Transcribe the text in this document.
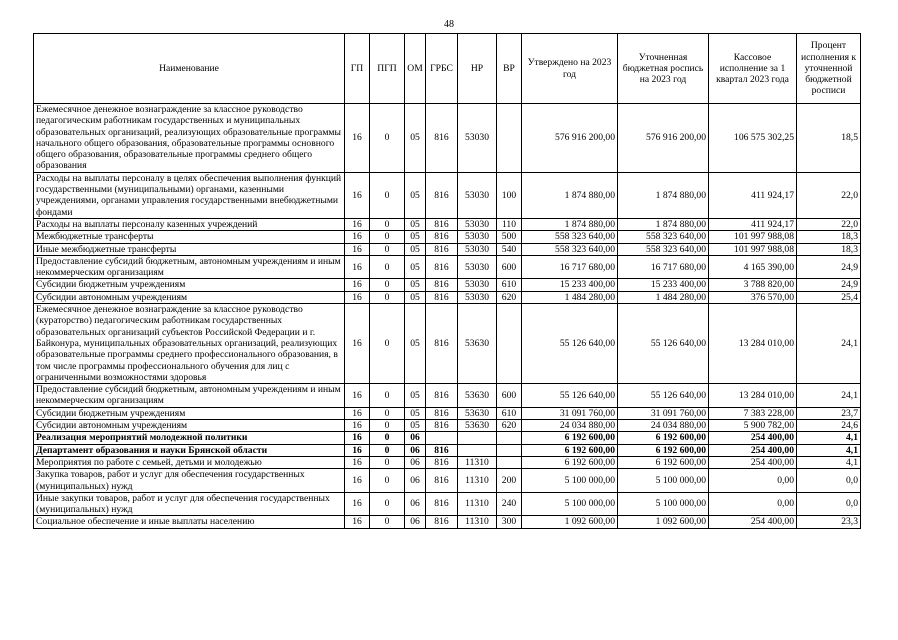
48
Наименование	ГП	ПГП	ОМ	ГРБС	НР	ВР	Утверждено на 2023 год	Уточненная бюджетная роспись на 2023 год	Кассовое исполнение за 1 квартал 2023 года	Процент исполнения к уточненной бюджетной росписи
Ежемесячное денежное вознаграждение за классное руководство педагогическим работникам государственных и муниципальных образовательных организаций, реализующих образовательные программы начального общего образования, образовательные программы основного общего образования, образовательные программы среднего общего образования	16	0	05	816	53030		576 916 200,00	576 916 200,00	106 575 302,25	18,5
Расходы на выплаты персоналу в целях обеспечения выполнения функций государственными (муниципальными) органами, казенными учреждениями, органами управления государственными внебюджетными фондами	16	0	05	816	53030	100	1 874 880,00	1 874 880,00	411 924,17	22,0
Расходы на выплаты персоналу казенных учреждений	16	0	05	816	53030	110	1 874 880,00	1 874 880,00	411 924,17	22,0
Межбюджетные трансферты	16	0	05	816	53030	500	558 323 640,00	558 323 640,00	101 997 988,08	18,3
Иные межбюджетные трансферты	16	0	05	816	53030	540	558 323 640,00	558 323 640,00	101 997 988,08	18,3
Предоставление субсидий бюджетным, автономным учреждениям и иным некоммерческим организациям	16	0	05	816	53030	600	16 717 680,00	16 717 680,00	4 165 390,00	24,9
Субсидии бюджетным учреждениям	16	0	05	816	53030	610	15 233 400,00	15 233 400,00	3 788 820,00	24,9
Субсидии автономным учреждениям	16	0	05	816	53030	620	1 484 280,00	1 484 280,00	376 570,00	25,4
Ежемесячное денежное вознаграждение за классное руководство (кураторство) педагогическим работникам государственных образовательных организаций субъектов Российской Федерации и г. Байконура, муниципальных образовательных организаций, реализующих образовательные программы среднего профессионального образования, в том числе программы профессионального обучения для лиц с ограниченными возможностями здоровья	16	0	05	816	53630		55 126 640,00	55 126 640,00	13 284 010,00	24,1
Предоставление субсидий бюджетным, автономным учреждениям и иным некоммерческим организациям	16	0	05	816	53630	600	55 126 640,00	55 126 640,00	13 284 010,00	24,1
Субсидии бюджетным учреждениям	16	0	05	816	53630	610	31 091 760,00	31 091 760,00	7 383 228,00	23,7
Субсидии автономным учреждениям	16	0	05	816	53630	620	24 034 880,00	24 034 880,00	5 900 782,00	24,6
Реализация мероприятий молодежной политики	16	0	06				6 192 600,00	6 192 600,00	254 400,00	4,1
Департамент образования и науки Брянской области	16	0	06	816			6 192 600,00	6 192 600,00	254 400,00	4,1
Мероприятия по работе с семьей, детьми и молодежью	16	0	06	816	11310		6 192 600,00	6 192 600,00	254 400,00	4,1
Закупка товаров, работ и услуг для обеспечения государственных (муниципальных) нужд	16	0	06	816	11310	200	5 100 000,00	5 100 000,00	0,00	0,0
Иные закупки товаров, работ и услуг для обеспечения государственных (муниципальных) нужд	16	0	06	816	11310	240	5 100 000,00	5 100 000,00	0,00	0,0
Социальное обеспечение и иные выплаты населению	16	0	06	816	11310	300	1 092 600,00	1 092 600,00	254 400,00	23,3
